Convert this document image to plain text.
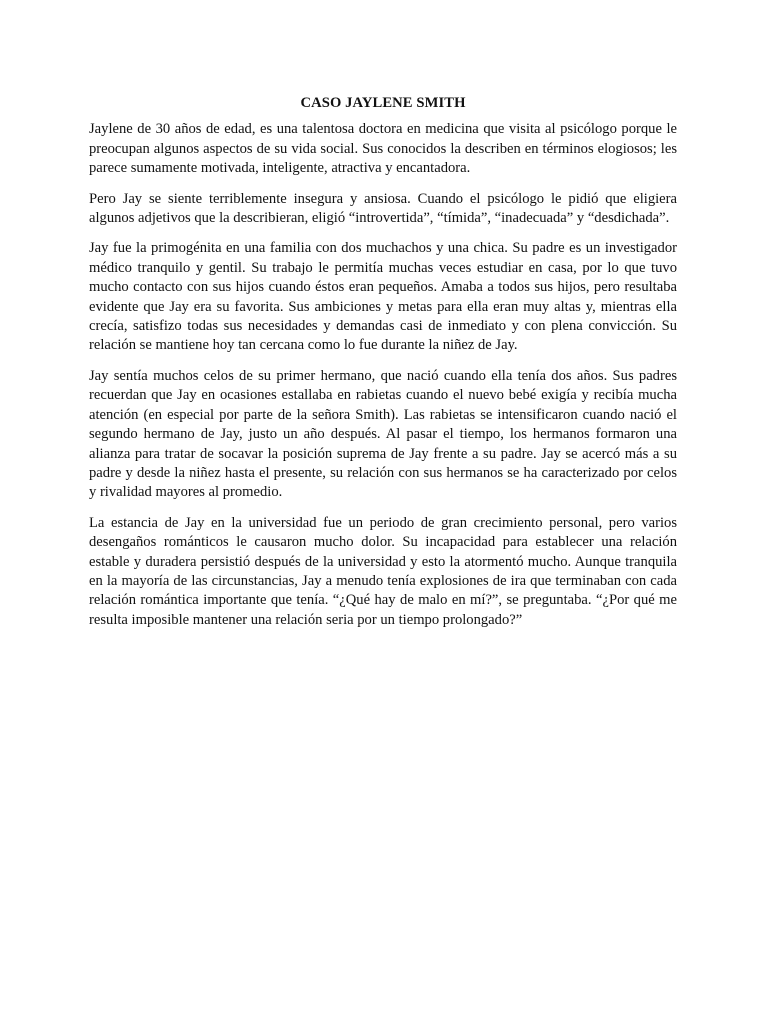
CASO JAYLENE SMITH

Jaylene de 30 años de edad, es una talentosa doctora en medicina que visita al psicólogo porque le preocupan algunos aspectos de su vida social. Sus conocidos la describen en términos elogiosos; les parece sumamente motivada, inteligente, atractiva y encantadora.

Pero Jay se siente terriblemente insegura y ansiosa. Cuando el psicólogo le pidió que eligiera algunos adjetivos que la describieran, eligió “introvertida”, “tímida”, “inadecuada” y “desdichada”.

Jay fue la primogénita en una familia con dos muchachos y una chica. Su padre es un investigador médico tranquilo y gentil. Su trabajo le permitía muchas veces estudiar en casa, por lo que tuvo mucho contacto con sus hijos cuando éstos eran pequeños. Amaba a todos sus hijos, pero resultaba evidente que Jay era su favorita. Sus ambiciones y metas para ella eran muy altas y, mientras ella crecía, satisfizo todas sus necesidades y demandas casi de inmediato y con plena convicción. Su relación se mantiene hoy tan cercana como lo fue durante la niñez de Jay.

Jay sentía muchos celos de su primer hermano, que nació cuando ella tenía dos años. Sus padres recuerdan que Jay en ocasiones estallaba en rabietas cuando el nuevo bebé exigía y recibía mucha atención (en especial por parte de la señora Smith). Las rabietas se intensificaron cuando nació el segundo hermano de Jay, justo un año después. Al pasar el tiempo, los hermanos formaron una alianza para tratar de socavar la posición suprema de Jay frente a su padre. Jay se acercó más a su padre y desde la niñez hasta el presente, su relación con sus hermanos se ha caracterizado por celos y rivalidad mayores al promedio.

La estancia de Jay en la universidad fue un periodo de gran crecimiento personal, pero varios desengaños románticos le causaron mucho dolor. Su incapacidad para establecer una relación estable y duradera persistió después de la universidad y esto la atormentó mucho. Aunque tranquila en la mayoría de las circunstancias, Jay a menudo tenía explosiones de ira que terminaban con cada relación romántica importante que tenía. “¿Qué hay de malo en mí?”, se preguntaba. “¿Por qué me resulta imposible mantener una relación seria por un tiempo prolongado?”
